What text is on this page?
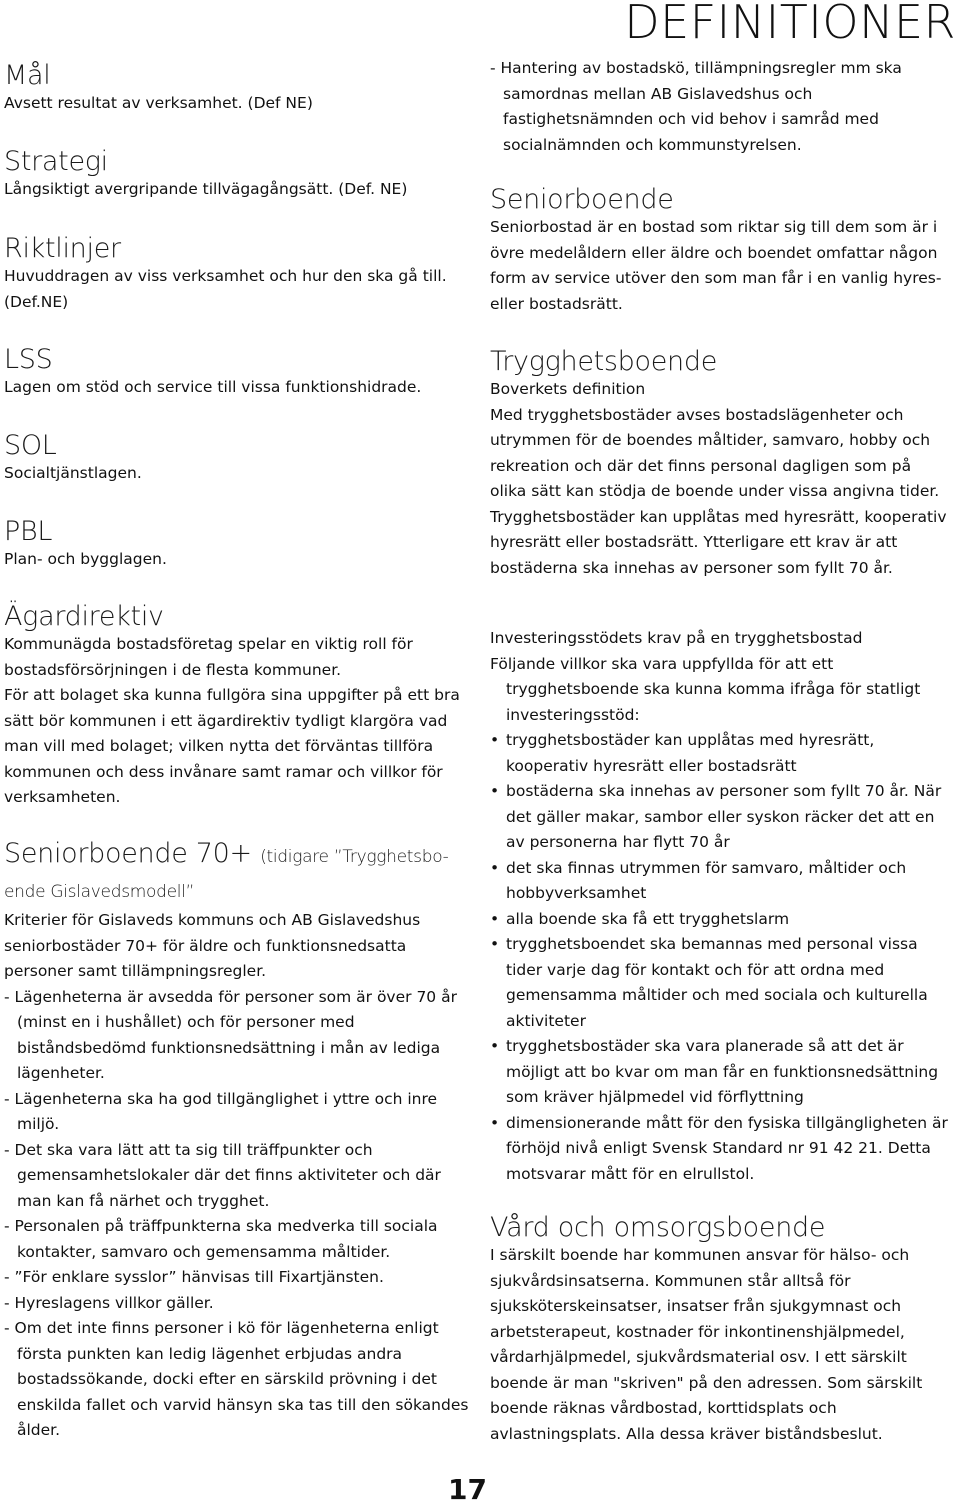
DEFINITIONER
Mål

Avsett resultat av verksamhet. (Def NE)

Strategi

Långsiktigt avergripande tillvägagångsätt. (Def. NE)

Riktlinjer

Huvuddragen av viss verksamhet och hur den ska gå till. (Def.NE)

LSS

Lagen om stöd och service till vissa funktionshidrade.

SOL

Socialtjänstlagen.

PBL

Plan- och bygglagen.

Ägardirektiv

Kommunägda bostadsföretag spelar en viktig roll för bostadsförsörjningen i de flesta kommuner.

För att bolaget ska kunna fullgöra sina uppgifter på ett bra sätt bör kommunen i ett ägardirektiv tydligt klargöra vad man vill med bolaget; vilken nytta det förväntas tillföra kommunen och dess invånare samt ramar och villkor för verksamheten.

Seniorboende 70+ (tidigare ”Trygghetsbo-ende Gislavedsmodell”

Kriterier för Gislaveds kommuns och AB Gislavedshus seniorbostäder 70+ för äldre och funktionsnedsatta personer samt tillämpningsregler.

- Lägenheterna är avsedda för personer som är över 70 år (minst en i hushållet) och för personer med biståndsbedömd funktionsnedsättning i mån av lediga lägenheter.

- Lägenheterna ska ha god tillgänglighet i yttre och inre miljö.

- Det ska vara lätt att ta sig till träffpunkter och gemensamhetslokaler där det finns aktiviteter och där man kan få närhet och trygghet.

- Personalen på träffpunkterna ska medverka till sociala kontakter, samvaro och gemensamma måltider.

- ”För enklare sysslor” hänvisas till Fixartjänsten.

- Hyreslagens villkor gäller.

- Om det inte finns personer i kö för lägenheterna enligt första punkten kan ledig lägenhet erbjudas andra bostadssökande, docki efter en särskild prövning i det enskilda fallet och varvid hänsyn ska tas till den sökandes ålder.

- Hantering av bostadskö, tillämpningsregler mm ska samordnas mellan AB Gislavedshus och fastighetsnämnden och vid behov i samråd med socialnämnden och kommunstyrelsen.

Seniorboende

Seniorbostad är en bostad som riktar sig till dem som är i övre medelåldern eller äldre och boendet omfattar någon form av service utöver den som man får i en vanlig hyres- eller bostadsrätt.

Trygghetsboende

Boverkets definition

Med trygghetsbostäder avses bostadslägenheter och utrymmen för de boendes måltider, samvaro, hobby och rekreation och där det finns personal dagligen som på olika sätt kan stödja de boende under vissa angivna tider. Trygghetsbostäder kan upplåtas med hyresrätt, kooperativ hyresrätt eller bostadsrätt. Ytterligare ett krav är att bostäderna ska innehas av personer som fyllt 70 år.

Investeringsstödets krav på en trygghetsbostad

Följande villkor ska vara uppfyllda för att ett trygghetsboende ska kunna komma ifråga för statligt investeringsstöd:

• trygghetsbostäder kan upplåtas med hyresrätt, kooperativ hyresrätt eller bostadsrätt

• bostäderna ska innehas av personer som fyllt 70 år. När det gäller makar, sambor eller syskon räcker det att en av personerna har flytt 70 år

• det ska finnas utrymmen för samvaro, måltider och hobbyverksamhet

• alla boende ska få ett trygghetslarm

• trygghetsboendet ska bemannas med personal vissa tider varje dag för kontakt och för att ordna med gemensamma måltider och med sociala och kulturella aktiviteter

• trygghetsbostäder ska vara planerade så att det är möjligt att bo kvar om man får en funktionsnedsättning som kräver hjälpmedel vid förflyttning

• dimensionerande mått för den fysiska tillgängligheten är förhöjd nivå enligt Svensk Standard nr 91 42 21. Detta motsvarar mått för en elrullstol.

Vård och omsorgsboende

I särskilt boende har kommunen ansvar för hälso- och sjukvårdsinsatserna. Kommunen står alltså för sjuksköterskeinsatser, insatser från sjukgymnast och arbetsterapeut, kostnader för inkontinenshjälpmedel, vårdarhjälpmedel, sjukvårdsmaterial osv. I ett särskilt boende är man "skriven" på den adressen. Som särskilt boende räknas vårdbostad, korttidsplats och avlastningsplats. Alla dessa kräver biståndsbeslut.

17
